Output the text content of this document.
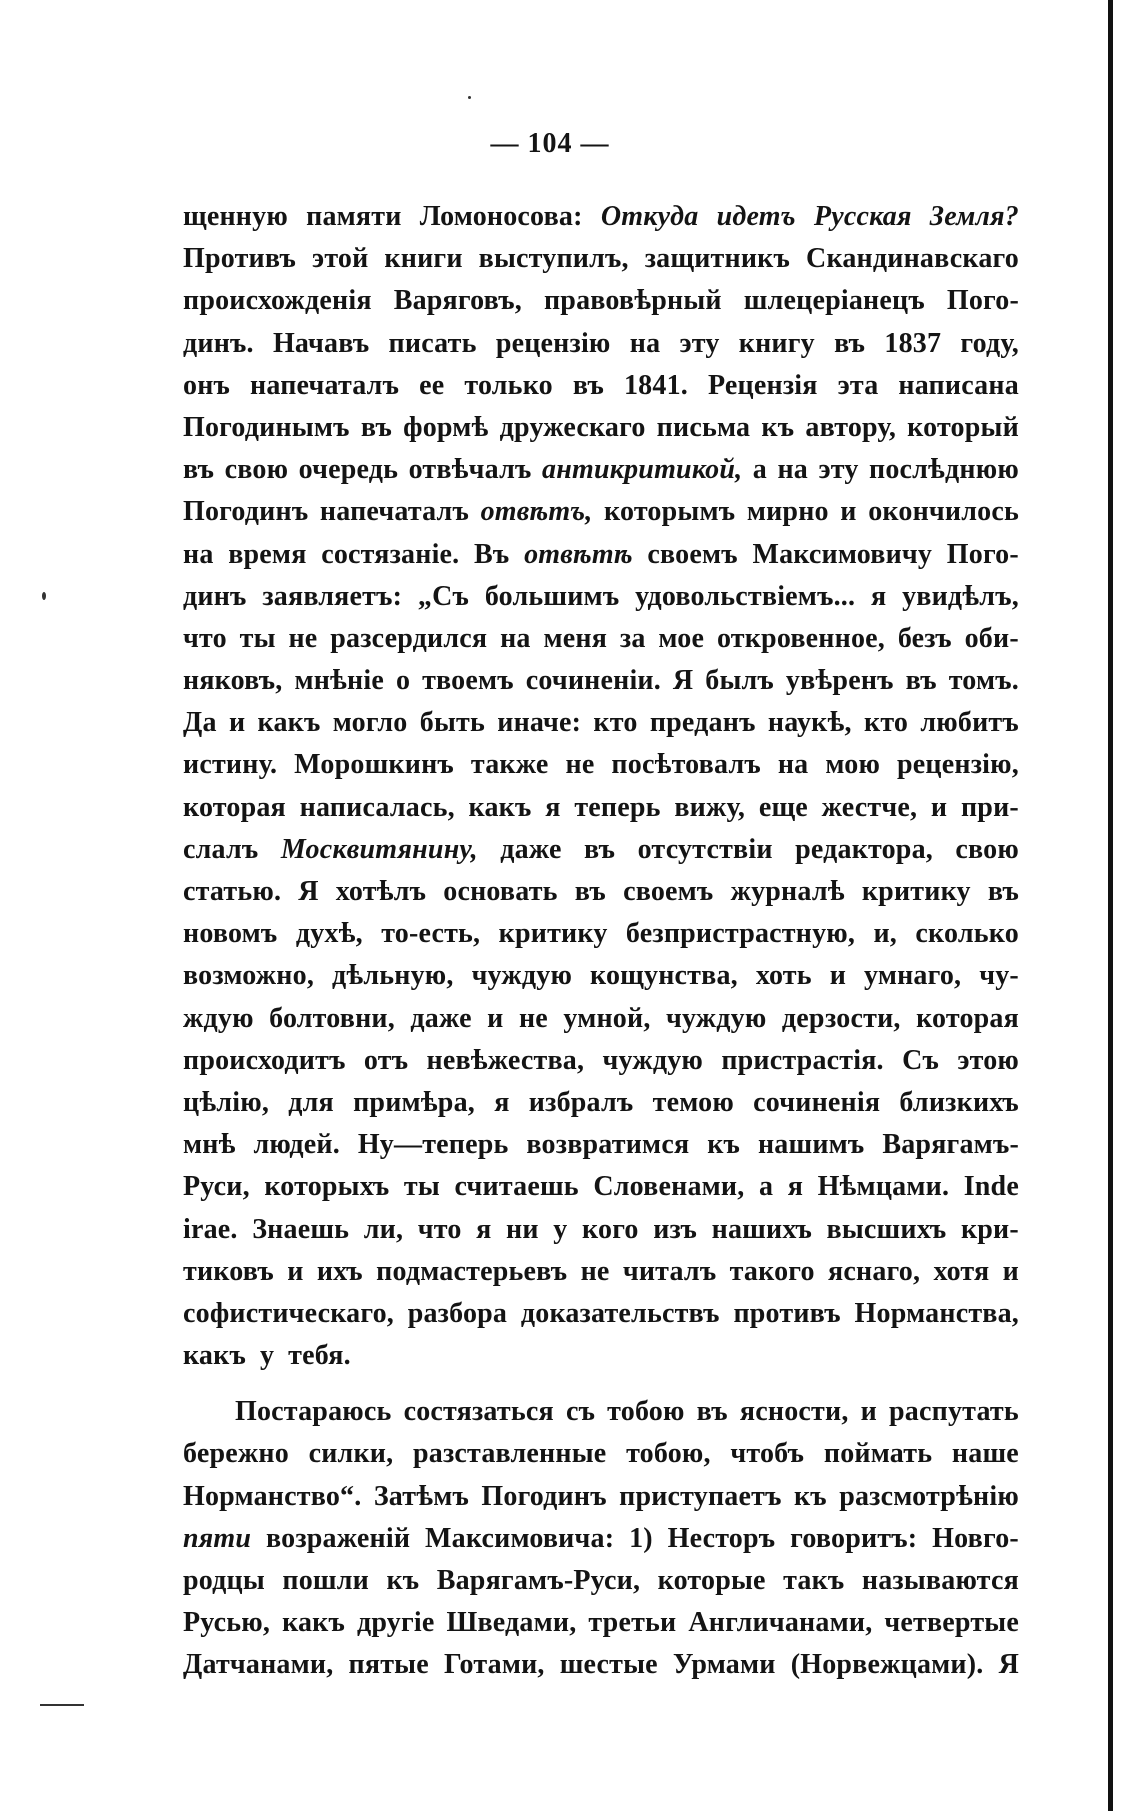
— 104 —
щенную памяти Ломоносова: Откуда идетъ Русская Земля?
Противъ этой книги выступилъ, защитникъ Скандинавскаго
происхожденія Варяговъ, правовѣрный шлецеріанецъ Пого-
динъ. Начавъ писать рецензію на эту книгу въ 1837 году,
онъ напечаталъ ее только въ 1841. Рецензія эта написана
Погодинымъ въ формѣ дружескаго письма къ автору, который
въ свою очередь отвѣчалъ антикритикой, а на эту послѣднюю
Погодинъ напечаталъ отвѣтъ, которымъ мирно и окончилось
на время состязаніе. Въ отвѣтѣ своемъ Максимовичу Пого-
динъ заявляетъ: „Съ большимъ удовольствіемъ... я увидѣлъ,
что ты не разсердился на меня за мое откровенное, безъ оби-
няковъ, мнѣніе о твоемъ сочиненіи. Я былъ увѣренъ въ томъ.
Да и какъ могло быть иначе: кто преданъ наукѣ, кто любитъ
истину. Морошкинъ также не посѣтовалъ на мою рецензію,
которая написалась, какъ я теперь вижу, еще жестче, и при-
слалъ Москвитянину, даже въ отсутствіи редактора, свою
статью. Я хотѣлъ основать въ своемъ журналѣ критику въ
новомъ духѣ, то-есть, критику безпристрастную, и, сколько
возможно, дѣльную, чуждую кощунства, хоть и умнаго, чу-
ждую болтовни, даже и не умной, чуждую дерзости, которая
происходитъ отъ невѣжества, чуждую пристрастія. Съ этою
цѣлію, для примѣра, я избралъ темою сочиненія близкихъ
мнѣ людей. Ну—теперь возвратимся къ нашимъ Варягамъ-
Руси, которыхъ ты считаешь Словенами, а я Нѣмцами. Inde
irae. Знаешь ли, что я ни у кого изъ нашихъ высшихъ кри-
тиковъ и ихъ подмастерьевъ не читалъ такого яснаго, хотя и
софистическаго, разбора доказательствъ противъ Норманства,
какъ у тебя.
Постараюсь состязаться съ тобою въ ясности, и распутать
бережно силки, разставленные тобою, чтобъ поймать наше
Норманство“. Затѣмъ Погодинъ приступаетъ къ разсмотрѣнію
пяти возраженій Максимовича: 1) Несторъ говоритъ: Новго-
родцы пошли къ Варягамъ-Руси, которые такъ называются
Русью, какъ другіе Шведами, третьи Англичанами, четвертые
Датчанами, пятые Готами, шестые Урмами (Норвежцами). Я
